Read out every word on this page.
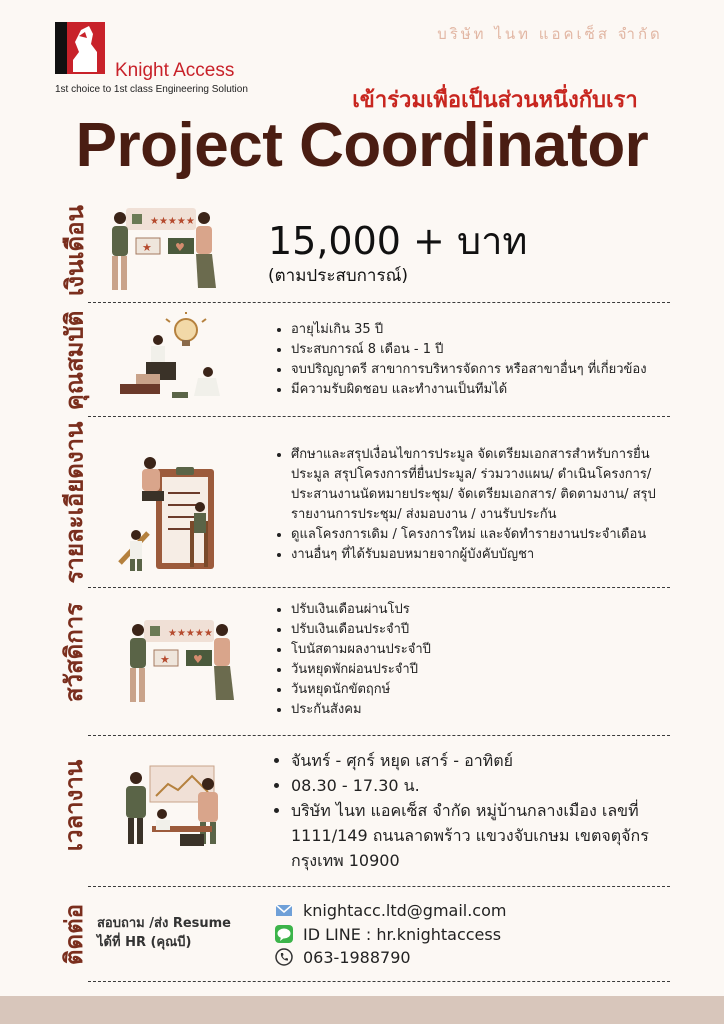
บริษัท ไนท แอคเซ็ส จำกัด
Knight Access
1st choice to 1st class Engineering Solution	เข้าร่วมเพื่อเป็นส่วนหนึ่งกับเรา
Project Coordinator
เงินเดือน	★★★★★
★ ♥ 15,000 + บาท
(ตามประสบการณ์)
คุณสมบัติ	• อายุไม่เกิน 35 ปี
• ประสบการณ์ 8 เดือน - 1 ปี
• จบปริญญาตรี สาขาการบริหารจัดการ หรือสาขาอื่นๆ ที่เกี่ยวข้อง
• มีความรับผิดชอบ และทำงานเป็นทีมได้
รายละเอียดงาน	• ศึกษาและสรุปเงื่อนไขการประมูล จัดเตรียมเอกสารสำหรับการยื่นประมูล สรุปโครงการที่ยื่นประมูล/ ร่วมวางแผน/ ดำเนินโครงการ/ ประสานงานนัดหมายประชุม/ จัดเตรียมเอกสาร/ ติดตามงาน/ สรุปรายงานการประชุม/ ส่งมอบงาน / งานรับประกัน
• ดูแลโครงการเดิม / โครงการใหม่ และจัดทำรายงานประจำเดือน
• งานอื่นๆ ที่ได้รับมอบหมายจากผู้บังคับบัญชา
สวัสดิการ	★★★★★
★ ♥
• ปรับเงินเดือนผ่านโปร
• ปรับเงินเดือนประจำปี
• โบนัสตามผลงานประจำปี
• วันหยุดพักผ่อนประจำปี
• วันหยุดนักขัตฤกษ์
• ประกันสังคม
เวลางาน	• จันทร์ - ศุกร์ หยุด เสาร์ - อาทิตย์
• 08.30 - 17.30 น.
• บริษัท ไนท แอคเซ็ส จำกัด หมู่บ้านกลางเมือง เลขที่ 1111/149 ถนนลาดพร้าว แขวงจับเกษม เขตจตุจักร กรุงเทพ 10900
ติดต่อ สอบถาม /ส่ง Resume
ได้ที่ HR (คุณบี)
knightacc.ltd@gmail.com
ID LINE : hr.knightaccess
063-1988790
